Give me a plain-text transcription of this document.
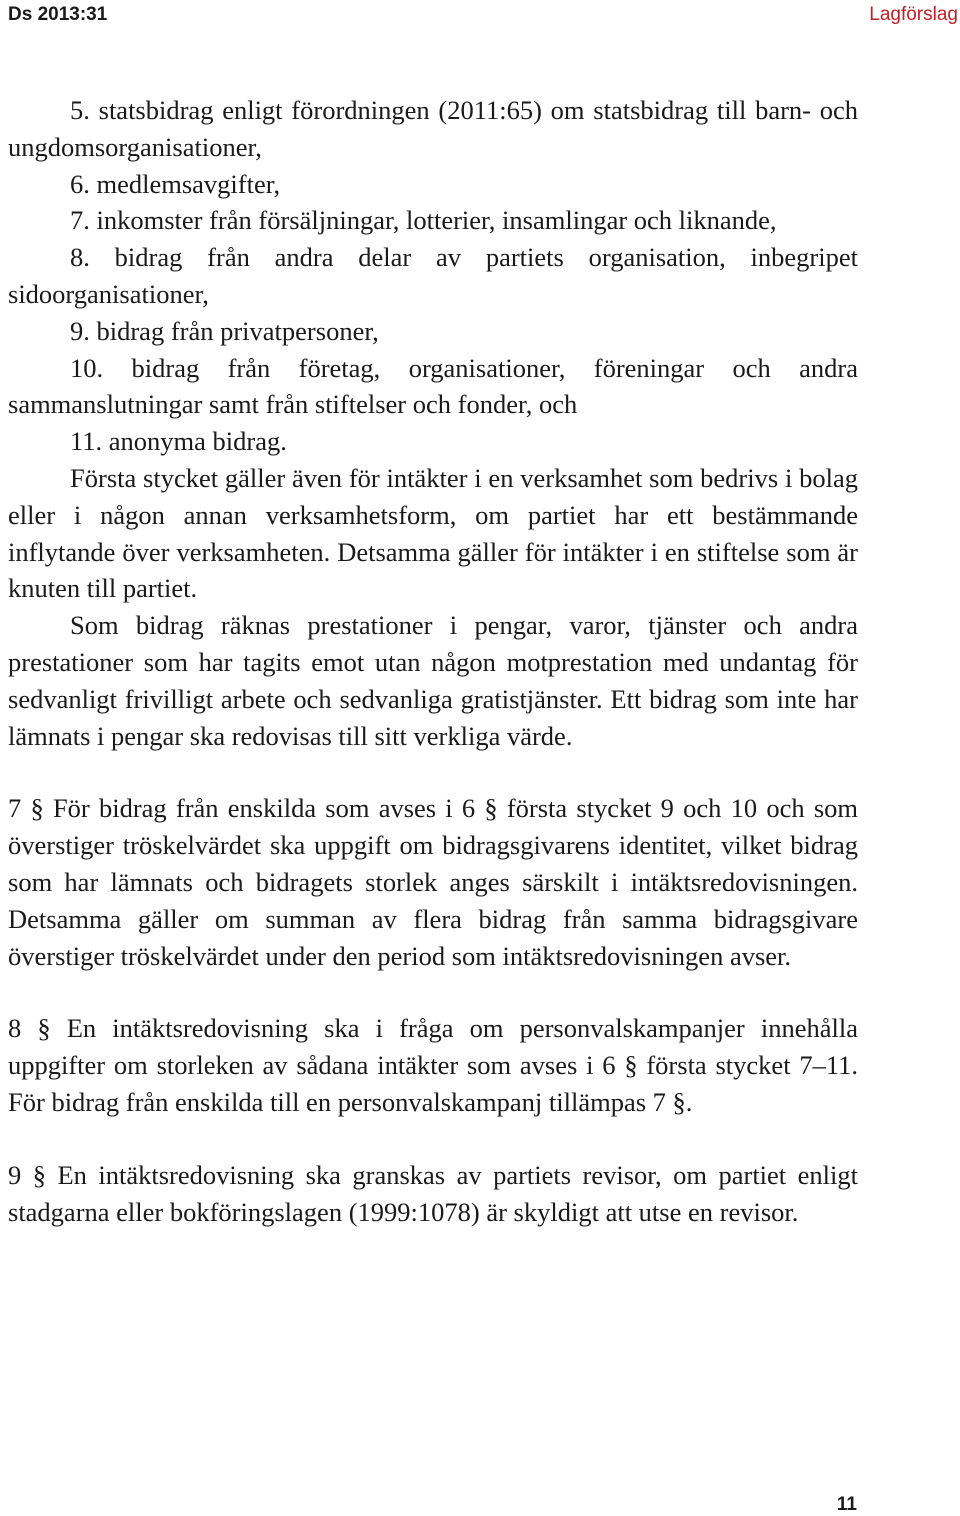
Ds 2013:31	Lagförslag

5. statsbidrag enligt förordningen (2011:65) om statsbidrag till barn- och ungdomsorganisationer,

6. medlemsavgifter,

7. inkomster från försäljningar, lotterier, insamlingar och liknande,

8. bidrag från andra delar av partiets organisation, inbegripet sidoorganisationer,

9. bidrag från privatpersoner,

10. bidrag från företag, organisationer, föreningar och andra sammanslutningar samt från stiftelser och fonder, och

11. anonyma bidrag.

Första stycket gäller även för intäkter i en verksamhet som bedrivs i bolag eller i någon annan verksamhetsform, om partiet har ett bestämmande inflytande över verksamheten. Detsamma gäller för intäkter i en stiftelse som är knuten till partiet.

Som bidrag räknas prestationer i pengar, varor, tjänster och andra prestationer som har tagits emot utan någon motprestation med undantag för sedvanligt frivilligt arbete och sedvanliga gratistjänster. Ett bidrag som inte har lämnats i pengar ska redovisas till sitt verkliga värde.

7 § För bidrag från enskilda som avses i 6 § första stycket 9 och 10 och som överstiger tröskelvärdet ska uppgift om bidragsgivarens identitet, vilket bidrag som har lämnats och bidragets storlek anges särskilt i intäktsredovisningen. Detsamma gäller om summan av flera bidrag från samma bidragsgivare överstiger tröskelvärdet under den period som intäktsredovisningen avser.

8 § En intäktsredovisning ska i fråga om personvalskampanjer innehålla uppgifter om storleken av sådana intäkter som avses i 6 § första stycket 7–11. För bidrag från enskilda till en personvalskampanj tillämpas 7 §.

9 § En intäktsredovisning ska granskas av partiets revisor, om partiet enligt stadgarna eller bokföringslagen (1999:1078) är skyldigt att utse en revisor.

11
